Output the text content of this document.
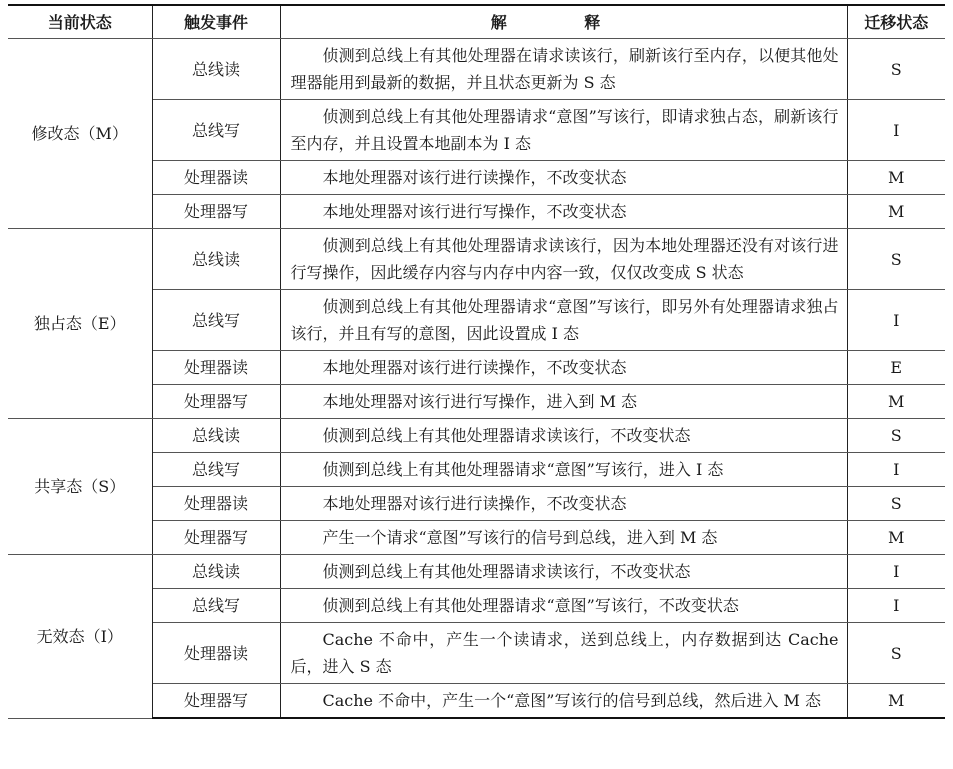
当前状态	触发事件	解 释	迁移状态
修改态（M）	总线读	侦测到总线上有其他处理器在请求读该行，刷新该行至内存，以便其他处理器能用到最新的数据，并且状态更新为 S 态	S
	总线写	侦测到总线上有其他处理器请求“意图”写该行，即请求独占态，刷新该行至内存，并且设置本地副本为 I 态	I
	处理器读	本地处理器对该行进行读操作，不改变状态	M
	处理器写	本地处理器对该行进行写操作，不改变状态	M
独占态（E）	总线读	侦测到总线上有其他处理器请求读该行，因为本地处理器还没有对该行进行写操作，因此缓存内容与内存中内容一致，仅仅改变成 S 状态	S
	总线写	侦测到总线上有其他处理器请求“意图”写该行，即另外有处理器请求独占该行，并且有写的意图，因此设置成 I 态	I
	处理器读	本地处理器对该行进行读操作，不改变状态	E
	处理器写	本地处理器对该行进行写操作，进入到 M 态	M
共享态（S）	总线读	侦测到总线上有其他处理器请求读该行，不改变状态	S
	总线写	侦测到总线上有其他处理器请求“意图”写该行，进入 I 态	I
	处理器读	本地处理器对该行进行读操作，不改变状态	S
	处理器写	产生一个请求“意图”写该行的信号到总线，进入到 M 态	M
无效态（I）	总线读	侦测到总线上有其他处理器请求读该行，不改变状态	I
	总线写	侦测到总线上有其他处理器请求“意图”写该行，不改变状态	I
	处理器读	Cache 不命中，产生一个读请求，送到总线上，内存数据到达 Cache 后，进入 S 态	S
	处理器写	Cache 不命中，产生一个“意图”写该行的信号到总线，然后进入 M 态	M
